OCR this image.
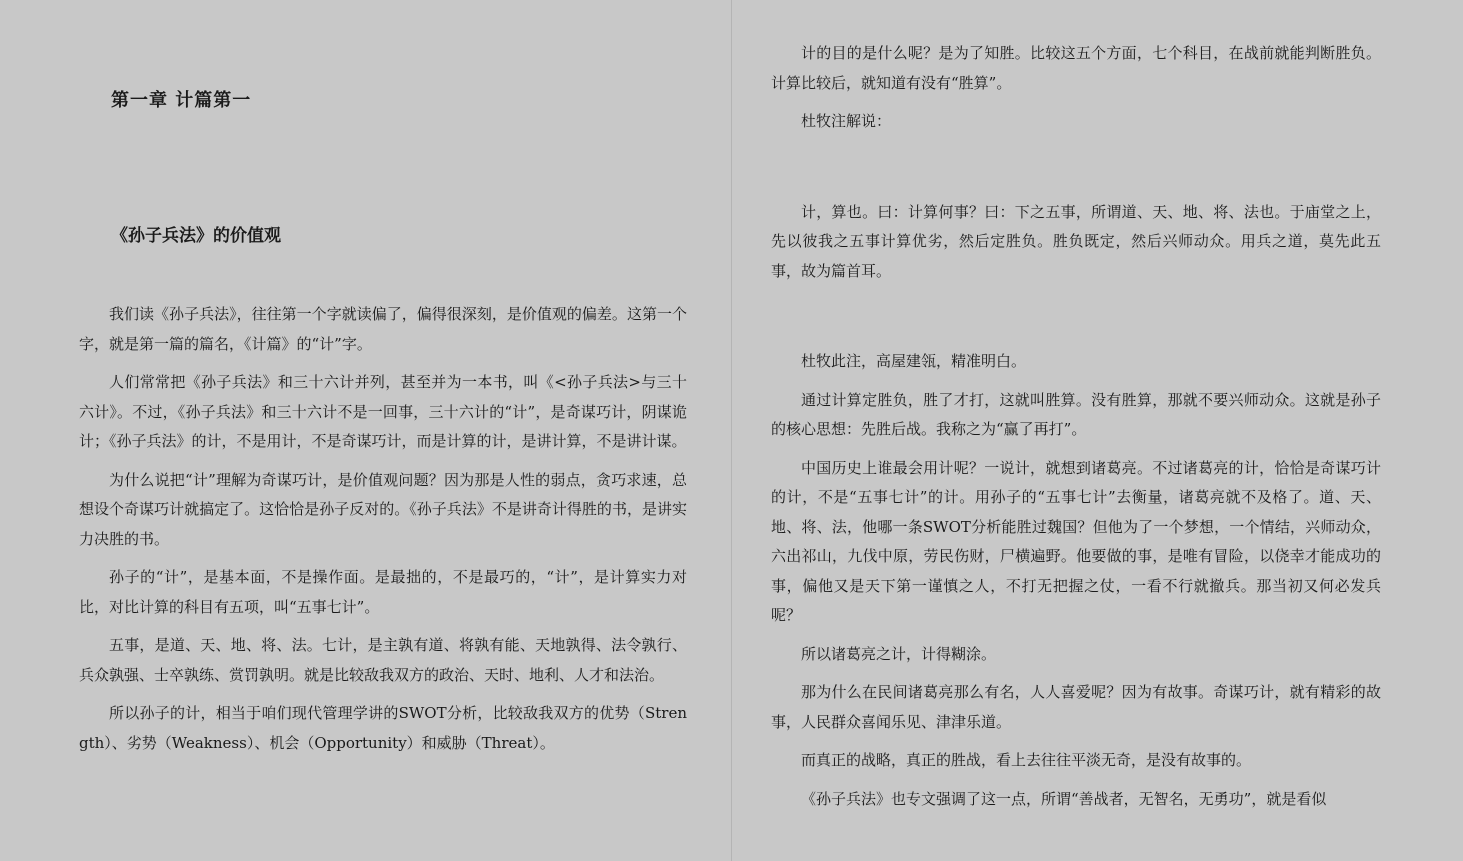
第一章 计篇第一
《孙子兵法》的价值观

我们读《孙子兵法》，往往第一个字就读偏了，偏得很深刻，是价值观的偏差。这第一个字，就是第一篇的篇名，《计篇》的“计”字。

人们常常把《孙子兵法》和三十六计并列，甚至并为一本书，叫《<孙子兵法>与三十六计》。不过，《孙子兵法》和三十六计不是一回事，三十六计的“计”，是奇谋巧计，阴谋诡计；《孙子兵法》的计，不是用计，不是奇谋巧计，而是计算的计，是讲计算，不是讲计谋。

为什么说把“计”理解为奇谋巧计，是价值观问题？因为那是人性的弱点，贪巧求速，总想设个奇谋巧计就搞定了。这恰恰是孙子反对的。《孙子兵法》不是讲奇计得胜的书，是讲实力决胜的书。

孙子的“计”，是基本面，不是操作面。是最拙的，不是最巧的，“计”，是计算实力对比，对比计算的科目有五项，叫“五事七计”。

五事，是道、天、地、将、法。七计，是主孰有道、将孰有能、天地孰得、法令孰行、兵众孰强、士卒孰练、赏罚孰明。就是比较敌我双方的政治、天时、地利、人才和法治。

所以孙子的计，相当于咱们现代管理学讲的SWOT分析，比较敌我双方的优势（Strength）、劣势（Weakness）、机会（Opportunity）和威胁（Threat）。

计的目的是什么呢？是为了知胜。比较这五个方面，七个科目，在战前就能判断胜负。计算比较后，就知道有没有“胜算”。

杜牧注解说：

计，算也。曰：计算何事？曰：下之五事，所谓道、天、地、将、法也。于庙堂之上，先以彼我之五事计算优劣，然后定胜负。胜负既定，然后兴师动众。用兵之道，莫先此五事，故为篇首耳。

杜牧此注，高屋建瓴，精准明白。

通过计算定胜负，胜了才打，这就叫胜算。没有胜算，那就不要兴师动众。这就是孙子的核心思想：先胜后战。我称之为“赢了再打”。

中国历史上谁最会用计呢？一说计，就想到诸葛亮。不过诸葛亮的计，恰恰是奇谋巧计的计，不是“五事七计”的计。用孙子的“五事七计”去衡量，诸葛亮就不及格了。道、天、地、将、法，他哪一条SWOT分析能胜过魏国？但他为了一个梦想，一个情结，兴师动众，六出祁山，九伐中原，劳民伤财，尸横遍野。他要做的事，是唯有冒险，以侥幸才能成功的事，偏他又是天下第一谨慎之人，不打无把握之仗，一看不行就撤兵。那当初又何必发兵呢？

所以诸葛亮之计，计得糊涂。

那为什么在民间诸葛亮那么有名，人人喜爱呢？因为有故事。奇谋巧计，就有精彩的故事，人民群众喜闻乐见、津津乐道。

而真正的战略，真正的胜战，看上去往往平淡无奇，是没有故事的。

《孙子兵法》也专文强调了这一点，所谓“善战者，无智名，无勇功”，就是看似
